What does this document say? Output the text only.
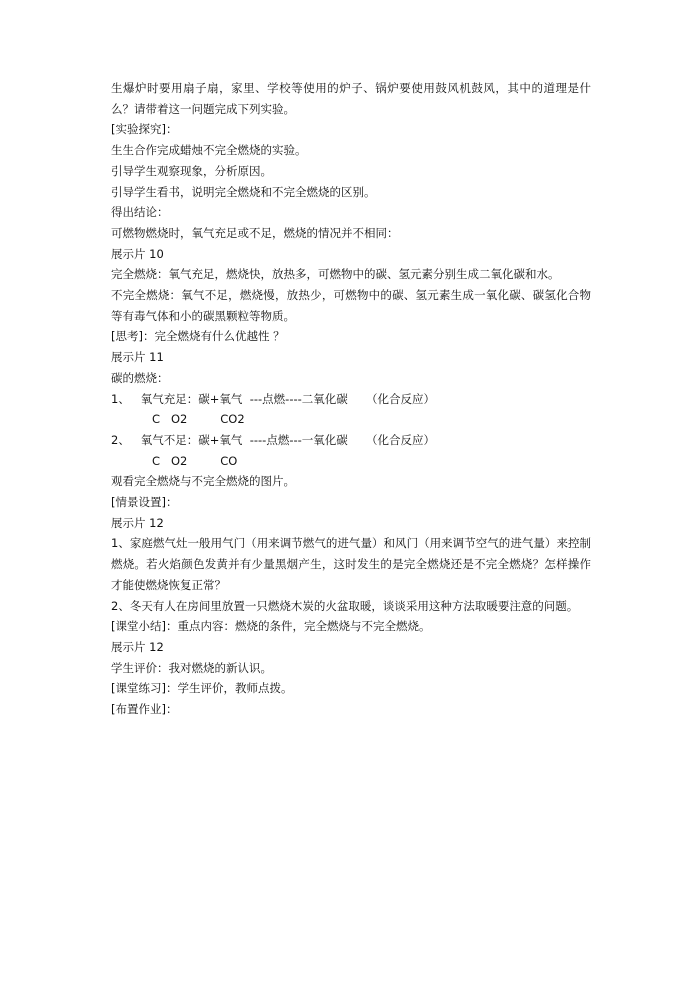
生爆炉时要用扇子扇，家里、学校等使用的炉子、锅炉要使用鼓风机鼓风，其中的道理是什么？请带着这一问题完成下列实验。
[实验探究]：
生生合作完成蜡烛不完全燃烧的实验。
引导学生观察现象，分析原因。
引导学生看书，说明完全燃烧和不完全燃烧的区别。
得出结论：
可燃物燃烧时，氧气充足或不足，燃烧的情况并不相同：
展示片 10
完全燃烧：氧气充足，燃烧快，放热多，可燃物中的碳、氢元素分别生成二氧化碳和水。
不完全燃烧：氧气不足，燃烧慢，放热少，可燃物中的碳、氢元素生成一氧化碳、碳氢化合物等有毒气体和小的碳黑颗粒等物质。
[思考]：完全燃烧有什么优越性 ？
展示片 11
碳的燃烧：
1、   氧气充足：碳+氧气  ---点燃----二氧化碳     （化合反应）
C   O2         CO2
2、   氧气不足：碳+氧气  ----点燃---一氧化碳     （化合反应）
C   O2         CO
观看完全燃烧与不完全燃烧的图片。
[情景设置]：
展示片 12
1、家庭燃气灶一般用气门（用来调节燃气的进气量）和风门（用来调节空气的进气量）来控制燃烧。若火焰颜色发黄并有少量黑烟产生，这时发生的是完全燃烧还是不完全燃烧？怎样操作才能使燃烧恢复正常？
2、冬天有人在房间里放置一只燃烧木炭的火盆取暖，谈谈采用这种方法取暖要注意的问题。
[课堂小结]：重点内容：燃烧的条件，完全燃烧与不完全燃烧。
展示片 12
学生评价：我对燃烧的新认识。
[课堂练习]：学生评价，教师点拨。
[布置作业]：
